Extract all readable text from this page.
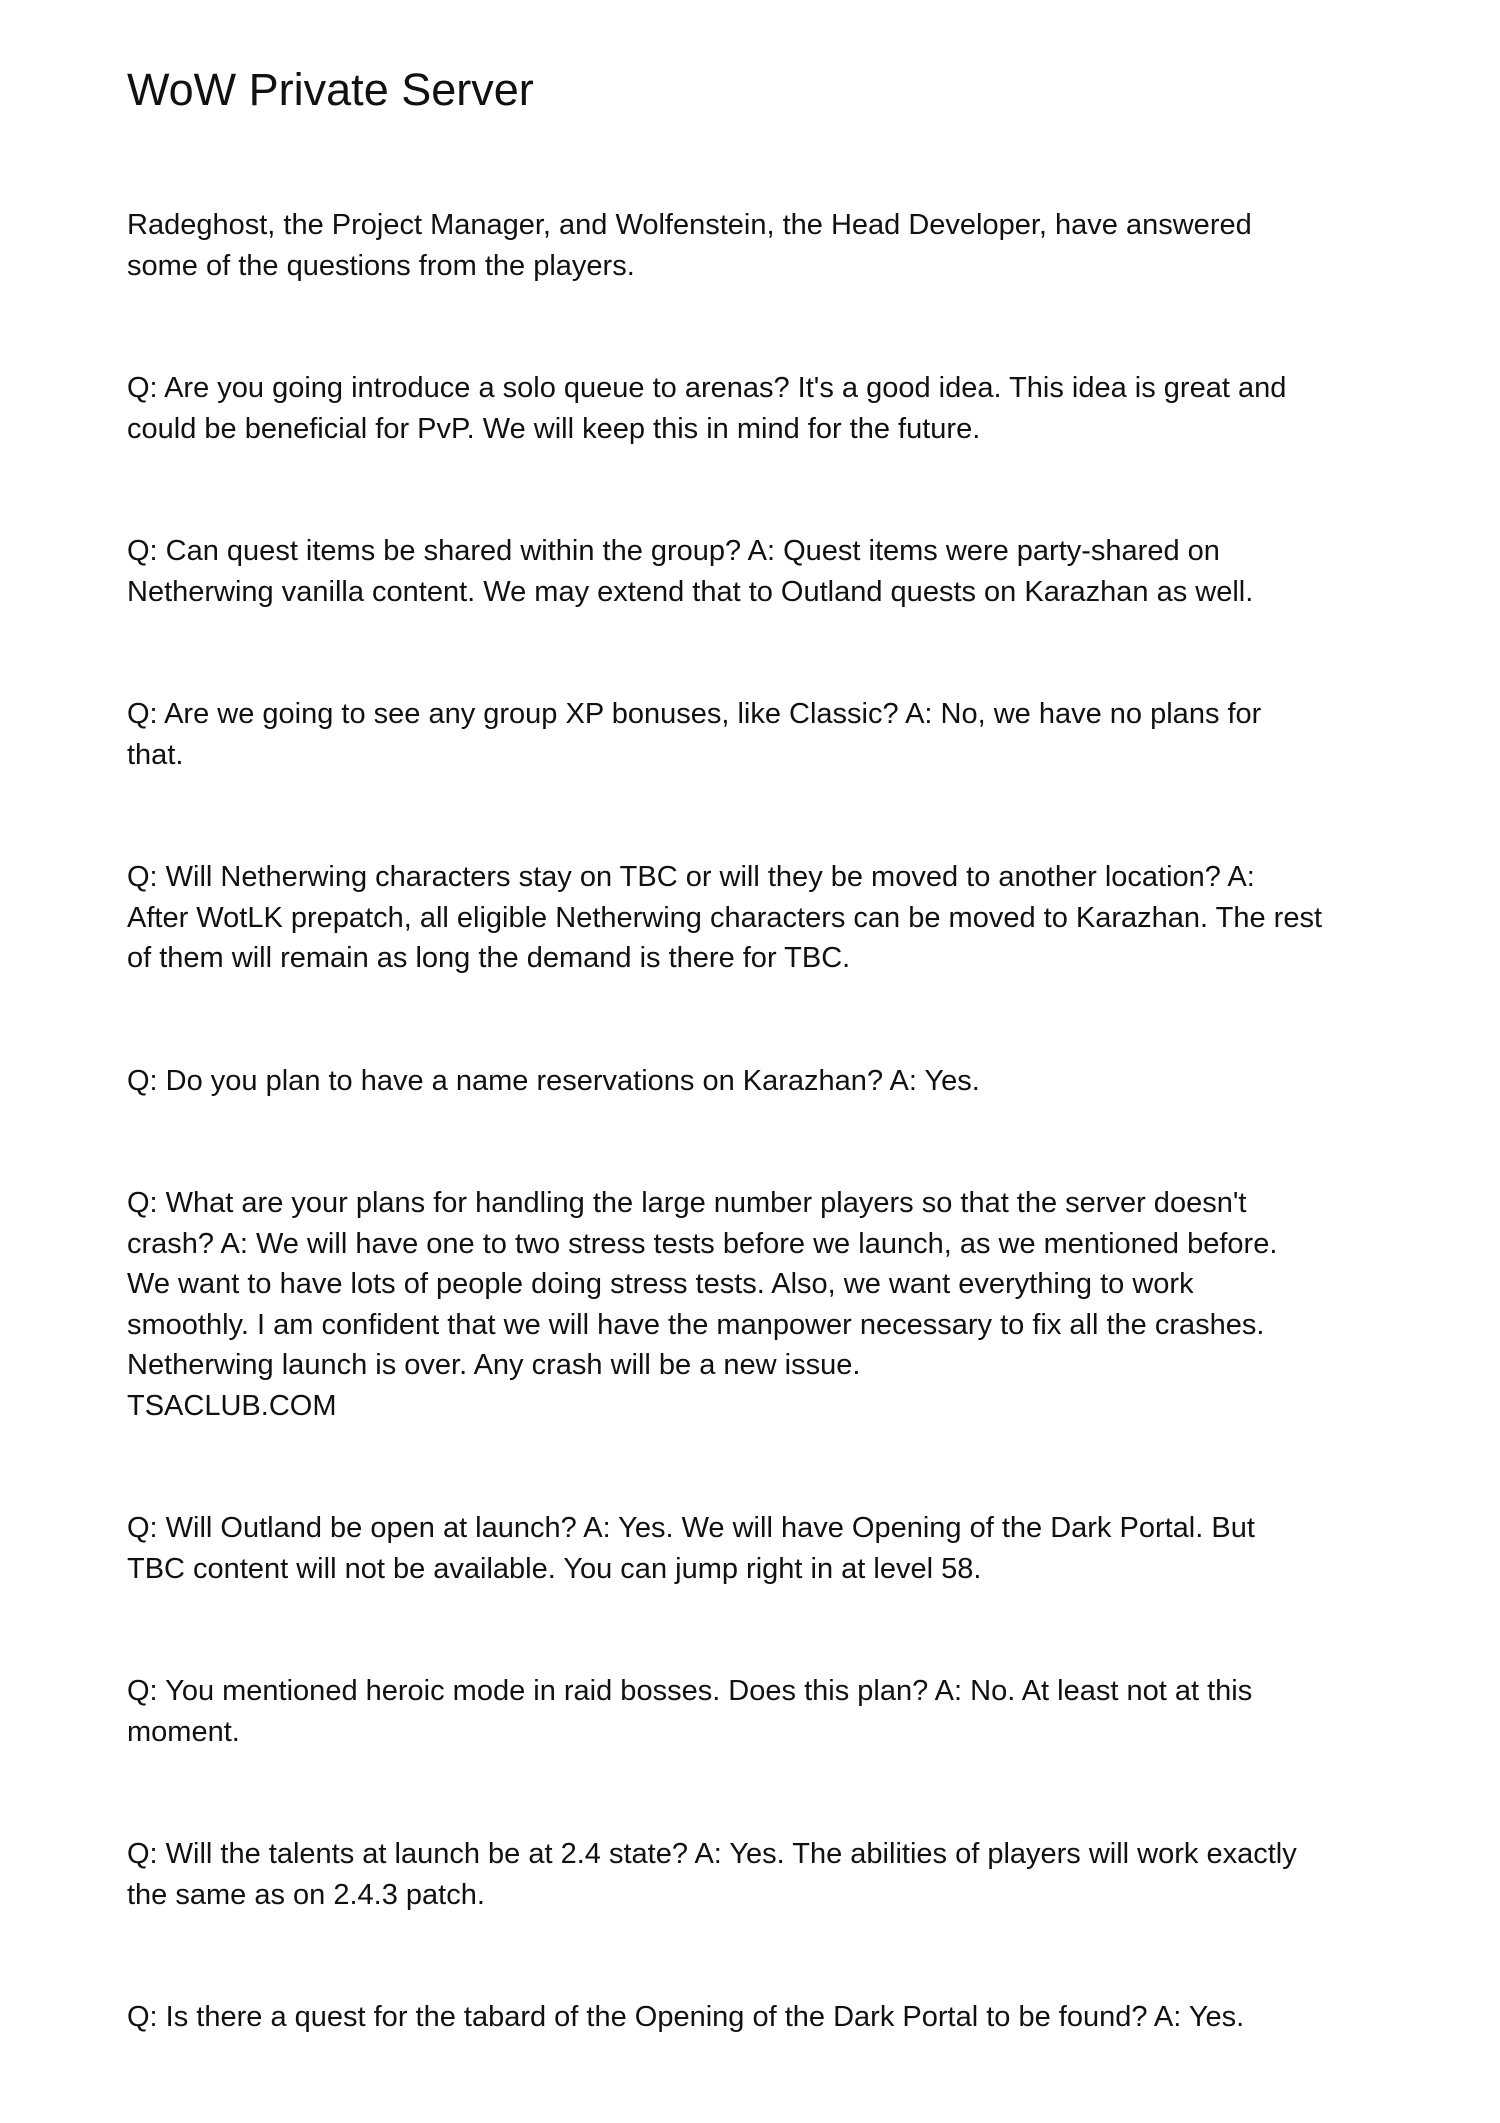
WoW Private Server

Radeghost, the Project Manager, and Wolfenstein, the Head Developer, have answered
some of the questions from the players.

Q: Are you going introduce a solo queue to arenas? It's a good idea. This idea is great and
could be beneficial for PvP. We will keep this in mind for the future.

Q: Can quest items be shared within the group? A: Quest items were party-shared on
Netherwing vanilla content. We may extend that to Outland quests on Karazhan as well.

Q: Are we going to see any group XP bonuses, like Classic? A: No, we have no plans for
that.

Q: Will Netherwing characters stay on TBC or will they be moved to another location? A:
After WotLK prepatch, all eligible Netherwing characters can be moved to Karazhan. The rest
of them will remain as long the demand is there for TBC.

Q: Do you plan to have a name reservations on Karazhan? A: Yes.

Q: What are your plans for handling the large number players so that the server doesn't
crash? A: We will have one to two stress tests before we launch, as we mentioned before.
We want to have lots of people doing stress tests. Also, we want everything to work
smoothly. I am confident that we will have the manpower necessary to fix all the crashes.
Netherwing launch is over. Any crash will be a new issue.
TSACLUB.COM

Q: Will Outland be open at launch? A: Yes. We will have Opening of the Dark Portal. But
TBC content will not be available. You can jump right in at level 58.

Q: You mentioned heroic mode in raid bosses. Does this plan? A: No. At least not at this
moment.

Q: Will the talents at launch be at 2.4 state? A: Yes. The abilities of players will work exactly
the same as on 2.4.3 patch.

Q: Is there a quest for the tabard of the Opening of the Dark Portal to be found? A: Yes.
